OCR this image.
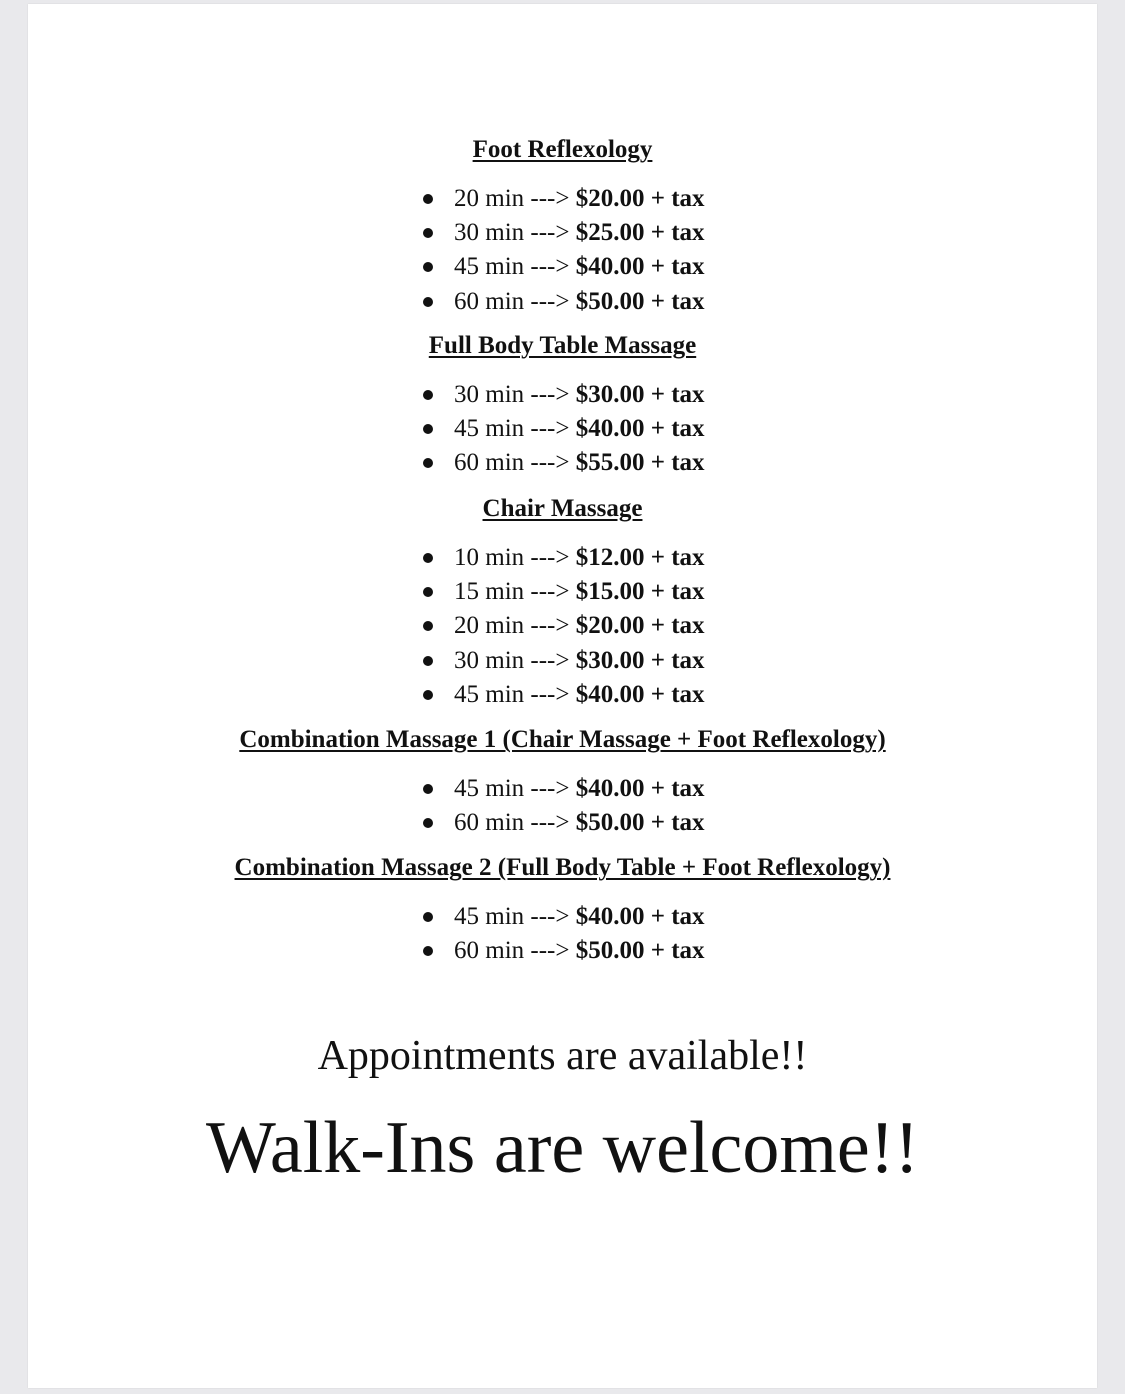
Foot Reflexology
20 min ---> $20.00 + tax
30 min ---> $25.00 + tax
45 min ---> $40.00 + tax
60 min ---> $50.00 + tax
Full Body Table Massage
30 min ---> $30.00 + tax
45 min ---> $40.00 + tax
60 min ---> $55.00 + tax
Chair Massage
10 min ---> $12.00 + tax
15 min ---> $15.00 + tax
20 min ---> $20.00 + tax
30 min ---> $30.00 + tax
45 min ---> $40.00 + tax
Combination Massage 1 (Chair Massage + Foot Reflexology)
45 min ---> $40.00 + tax
60 min ---> $50.00 + tax
Combination Massage 2 (Full Body Table + Foot Reflexology)
45 min ---> $40.00 + tax
60 min ---> $50.00 + tax

Appointments are available!!

Walk-Ins are welcome!!
